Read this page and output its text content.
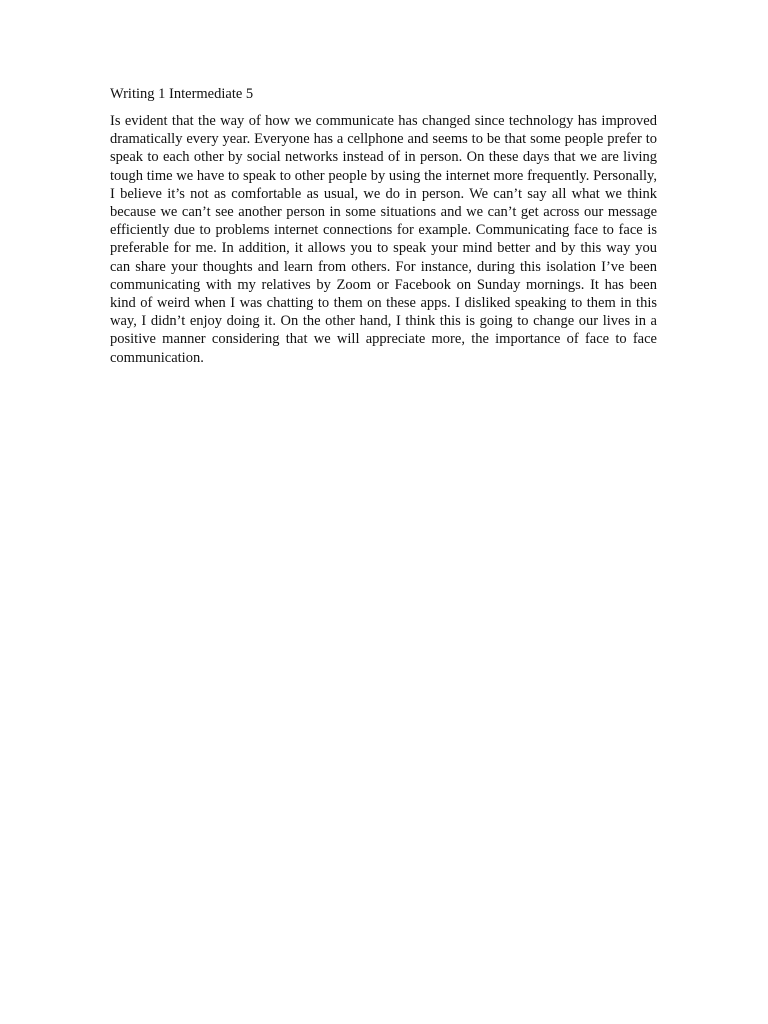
Writing 1 Intermediate 5

Is evident that the way of how we communicate has changed since technology has improved dramatically every year. Everyone has a cellphone and seems to be that some people prefer to speak to each other by social networks instead of in person. On these days that we are living tough time we have to speak to other people by using the internet more frequently. Personally, I believe it’s not as comfortable as usual, we do in person. We can’t say all what we think because we can’t see another person in some situations and we can’t get across our message efficiently due to problems internet connections for example. Communicating face to face is preferable for me. In addition, it allows you to speak your mind better and by this way you can share your thoughts and learn from others. For instance, during this isolation I’ve been communicating with my relatives by Zoom or Facebook on Sunday mornings. It has been kind of weird when I was chatting to them on these apps. I disliked speaking to them in this way, I didn’t enjoy doing it. On the other hand, I think this is going to change our lives in a positive manner considering that we will appreciate more, the importance of face to face communication.
